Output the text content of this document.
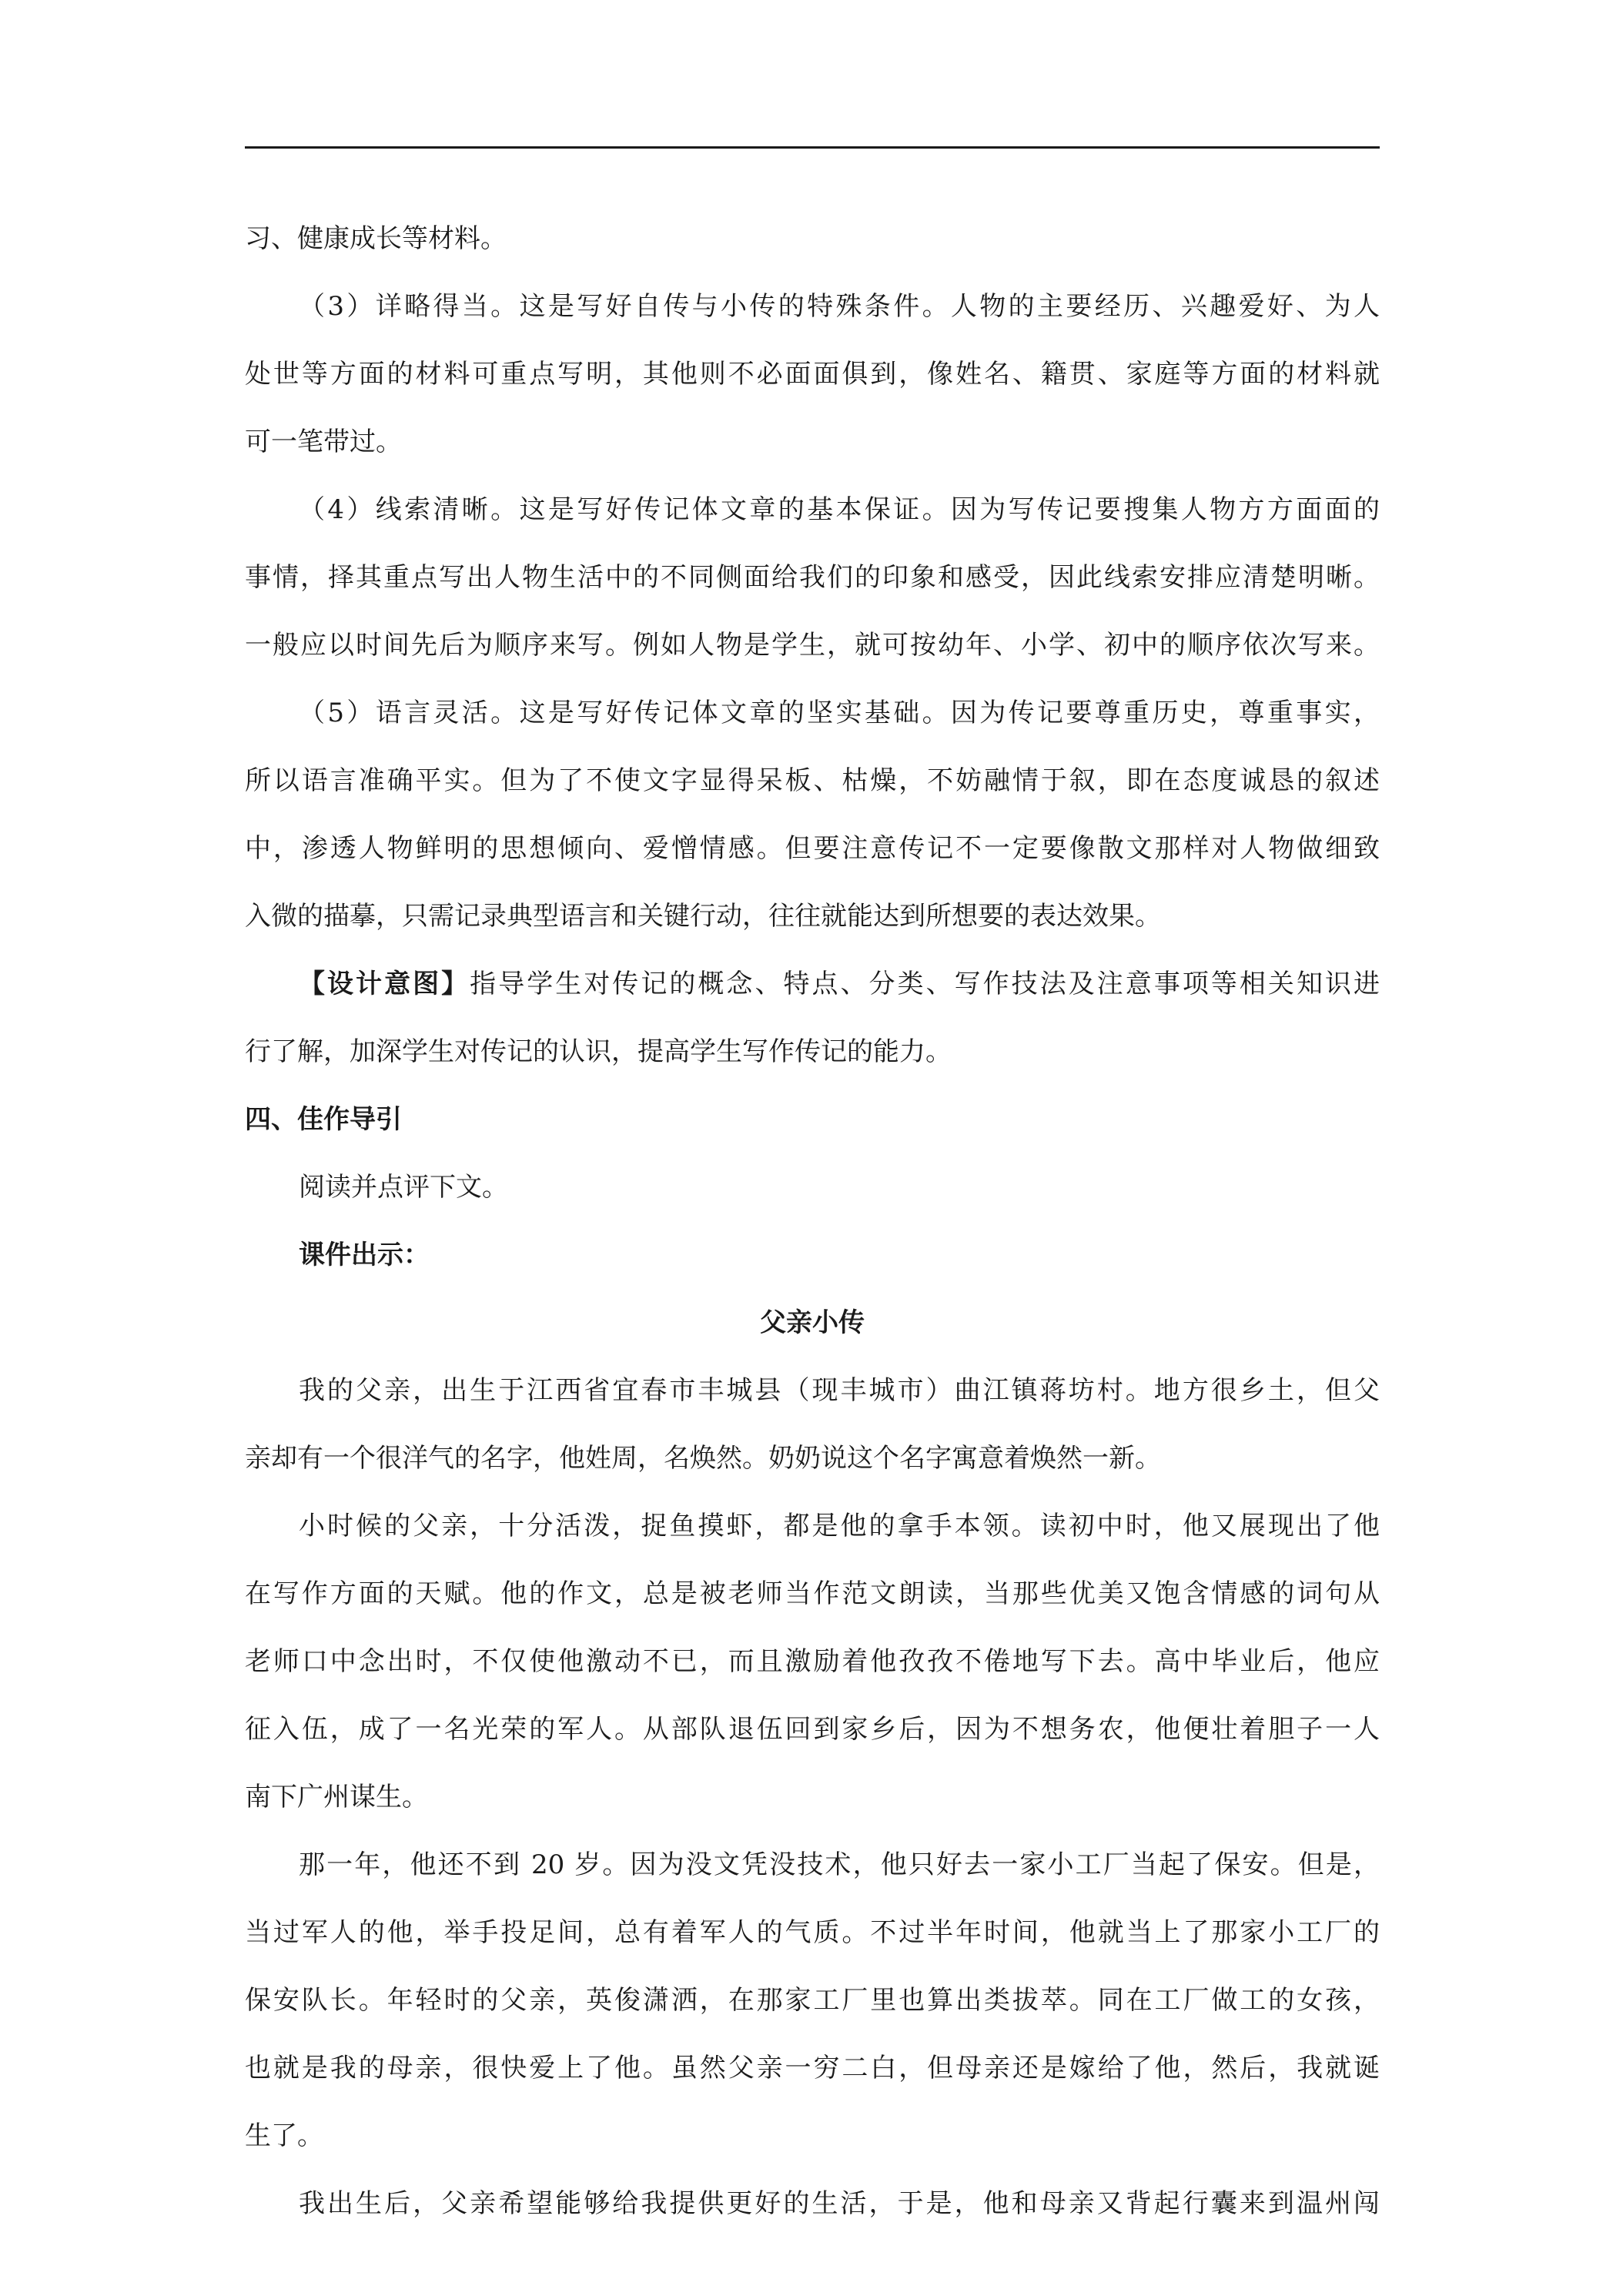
习、健康成长等材料。
（3）详略得当。这是写好自传与小传的特殊条件。人物的主要经历、兴趣爱好、为人
处世等方面的材料可重点写明，其他则不必面面俱到，像姓名、籍贯、家庭等方面的材料就
可一笔带过。
（4）线索清晰。这是写好传记体文章的基本保证。因为写传记要搜集人物方方面面的
事情，择其重点写出人物生活中的不同侧面给我们的印象和感受，因此线索安排应清楚明晰。
一般应以时间先后为顺序来写。例如人物是学生，就可按幼年、小学、初中的顺序依次写来。
（5）语言灵活。这是写好传记体文章的坚实基础。因为传记要尊重历史，尊重事实，
所以语言准确平实。但为了不使文字显得呆板、枯燥，不妨融情于叙，即在态度诚恳的叙述
中，渗透人物鲜明的思想倾向、爱憎情感。但要注意传记不一定要像散文那样对人物做细致
入微的描摹，只需记录典型语言和关键行动，往往就能达到所想要的表达效果。
【设计意图】指导学生对传记的概念、特点、分类、写作技法及注意事项等相关知识进
行了解，加深学生对传记的认识，提高学生写作传记的能力。
四、佳作导引
阅读并点评下文。
课件出示：
父亲小传
我的父亲，出生于江西省宜春市丰城县（现丰城市）曲江镇蒋坊村。地方很乡土，但父
亲却有一个很洋气的名字，他姓周，名焕然。奶奶说这个名字寓意着焕然一新。
小时候的父亲，十分活泼，捉鱼摸虾，都是他的拿手本领。读初中时，他又展现出了他
在写作方面的天赋。他的作文，总是被老师当作范文朗读，当那些优美又饱含情感的词句从
老师口中念出时，不仅使他激动不已，而且激励着他孜孜不倦地写下去。高中毕业后，他应
征入伍，成了一名光荣的军人。从部队退伍回到家乡后，因为不想务农，他便壮着胆子一人
南下广州谋生。
那一年，他还不到 20 岁。因为没文凭没技术，他只好去一家小工厂当起了保安。但是，
当过军人的他，举手投足间，总有着军人的气质。不过半年时间，他就当上了那家小工厂的
保安队长。年轻时的父亲，英俊潇洒，在那家工厂里也算出类拔萃。同在工厂做工的女孩，
也就是我的母亲，很快爱上了他。虽然父亲一穷二白，但母亲还是嫁给了他，然后，我就诞
生了。
我出生后，父亲希望能够给我提供更好的生活，于是，他和母亲又背起行囊来到温州闯
